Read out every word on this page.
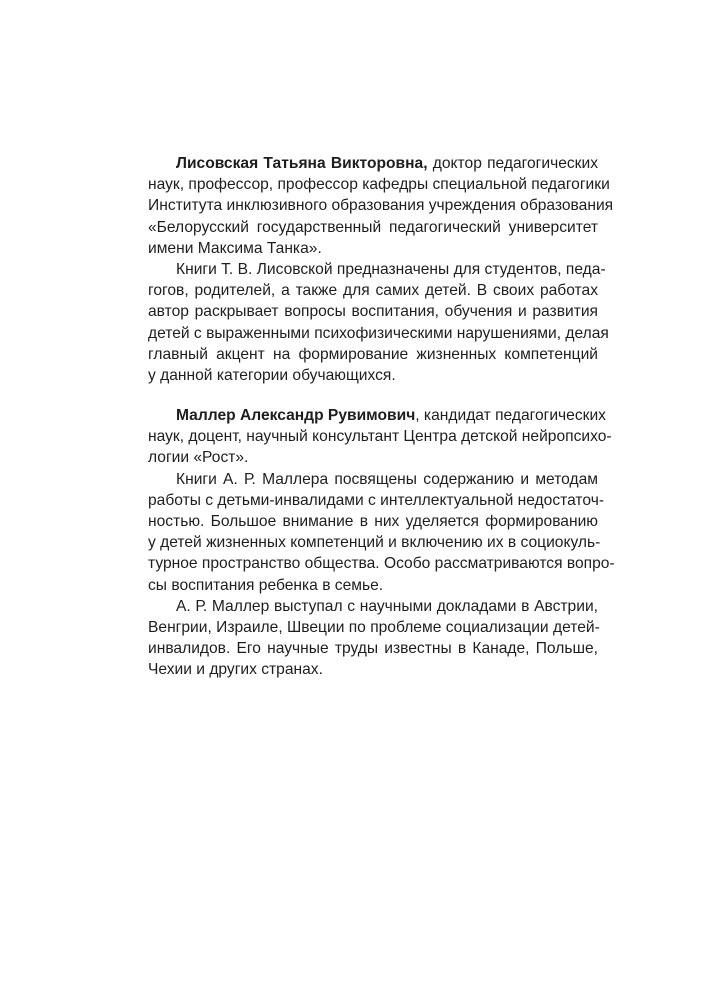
Лисовская Татьяна Викторовна, доктор педагогических
наук, профессор, профессор кафедры специальной педагогики
Института инклюзивного образования учреждения образования
«Белорусский государственный педагогический университет
имени Максима Танка».
Книги Т. В. Лисовской предназначены для студентов, педа-
гогов, родителей, а также для самих детей. В своих работах
автор раскрывает вопросы воспитания, обучения и развития
детей с выраженными психофизическими нарушениями, делая
главный акцент на формирование жизненных компетенций
у данной категории обучающихся.
Маллер Александр Рувимович, кандидат педагогических
наук, доцент, научный консультант Центра детской нейропсихо-
логии «Рост».
Книги А. Р. Маллера посвящены содержанию и методам
работы с детьми-инвалидами с интеллектуальной недостаточ-
ностью. Большое внимание в них уделяется формированию
у детей жизненных компетенций и включению их в социокуль-
турное пространство общества. Особо рассматриваются вопро-
сы воспитания ребенка в семье.
А. Р. Маллер выступал с научными докладами в Австрии,
Венгрии, Израиле, Швеции по проблеме социализации детей-
инвалидов. Его научные труды известны в Канаде, Польше,
Чехии и других странах.
